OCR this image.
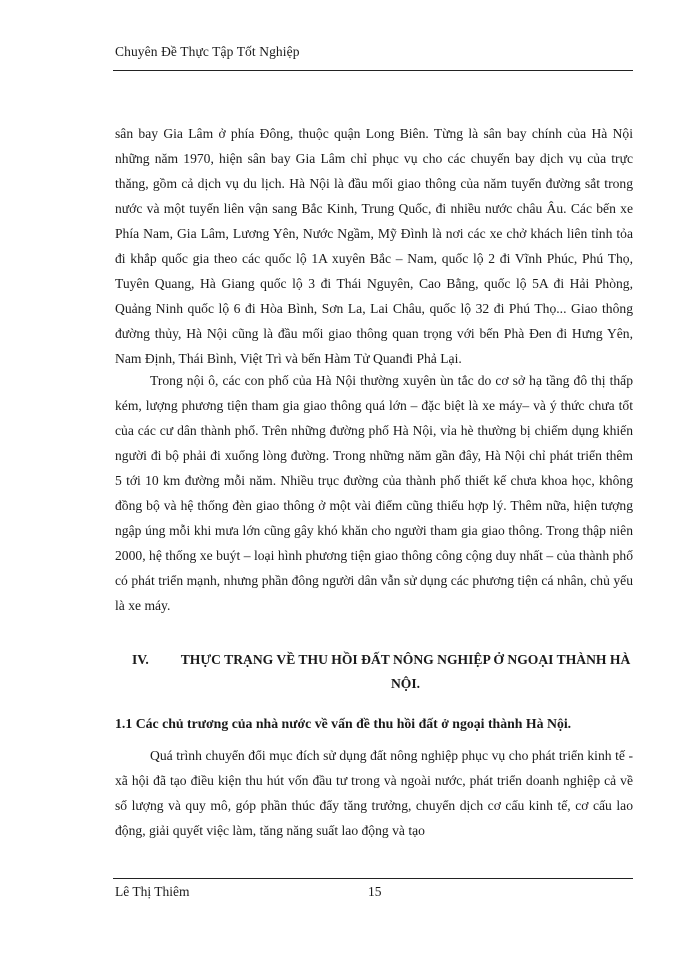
Chuyên Đề Thực Tập Tốt Nghiệp

sân bay Gia Lâm ở phía Đông, thuộc quận Long Biên. Từng là sân bay chính của Hà Nội những năm 1970, hiện sân bay Gia Lâm chỉ phục vụ cho các chuyến bay dịch vụ của trực thăng, gồm cả dịch vụ du lịch. Hà Nội là đầu mối giao thông của năm tuyến đường sắt trong nước và một tuyến liên vận sang Bắc Kinh, Trung Quốc, đi nhiều nước châu Âu. Các bến xe Phía Nam, Gia Lâm, Lương Yên, Nước Ngầm, Mỹ Đình là nơi các xe chở khách liên tỉnh tỏa đi khắp quốc gia theo các quốc lộ 1A xuyên Bắc – Nam, quốc lộ 2 đi Vĩnh Phúc, Phú Thọ, Tuyên Quang, Hà Giang quốc lộ 3 đi Thái Nguyên, Cao Bằng, quốc lộ 5A đi Hải Phòng, Quảng Ninh quốc lộ 6 đi Hòa Bình, Sơn La, Lai Châu, quốc lộ 32 đi Phú Thọ... Giao thông đường thủy, Hà Nội cũng là đầu mối giao thông quan trọng với bến Phà Đen đi Hưng Yên, Nam Định, Thái Bình, Việt Trì và bến Hàm Tử Quanđi Phả Lại.

Trong nội ô, các con phố của Hà Nội thường xuyên ùn tắc do cơ sở hạ tầng đô thị thấp kém, lượng phương tiện tham gia giao thông quá lớn – đặc biệt là xe máy– và ý thức chưa tốt của các cư dân thành phố. Trên những đường phố Hà Nội, vỉa hè thường bị chiếm dụng khiến người đi bộ phải đi xuống lòng đường. Trong những năm gần đây, Hà Nội chỉ phát triển thêm 5 tới 10 km đường mỗi năm. Nhiều trục đường của thành phố thiết kế chưa khoa học, không đồng bộ và hệ thống đèn giao thông ở một vài điểm cũng thiếu hợp lý. Thêm nữa, hiện tượng ngập úng mỗi khi mưa lớn cũng gây khó khăn cho người tham gia giao thông. Trong thập niên 2000, hệ thống xe buýt – loại hình phương tiện giao thông công cộng duy nhất – của thành phố có phát triển mạnh, nhưng phần đông người dân vẫn sử dụng các phương tiện cá nhân, chủ yếu là xe máy.

IV. THỰC TRẠNG VỀ THU HỒI ĐẤT NÔNG NGHIỆP Ở NGOẠI THÀNH HÀ NỘI.
1.1 Các chủ trương của nhà nước về vấn đề thu hồi đất ở ngoại thành Hà Nội.

Quá trình chuyển đổi mục đích sử dụng đất nông nghiệp phục vụ cho phát triển kinh tế - xã hội đã tạo điều kiện thu hút vốn đầu tư trong và ngoài nước, phát triển doanh nghiệp cả về số lượng và quy mô, góp phần thúc đẩy tăng trưởng, chuyển dịch cơ cấu kinh tế, cơ cấu lao động, giải quyết việc làm, tăng năng suất lao động và tạo

Lê Thị Thiêm	15
